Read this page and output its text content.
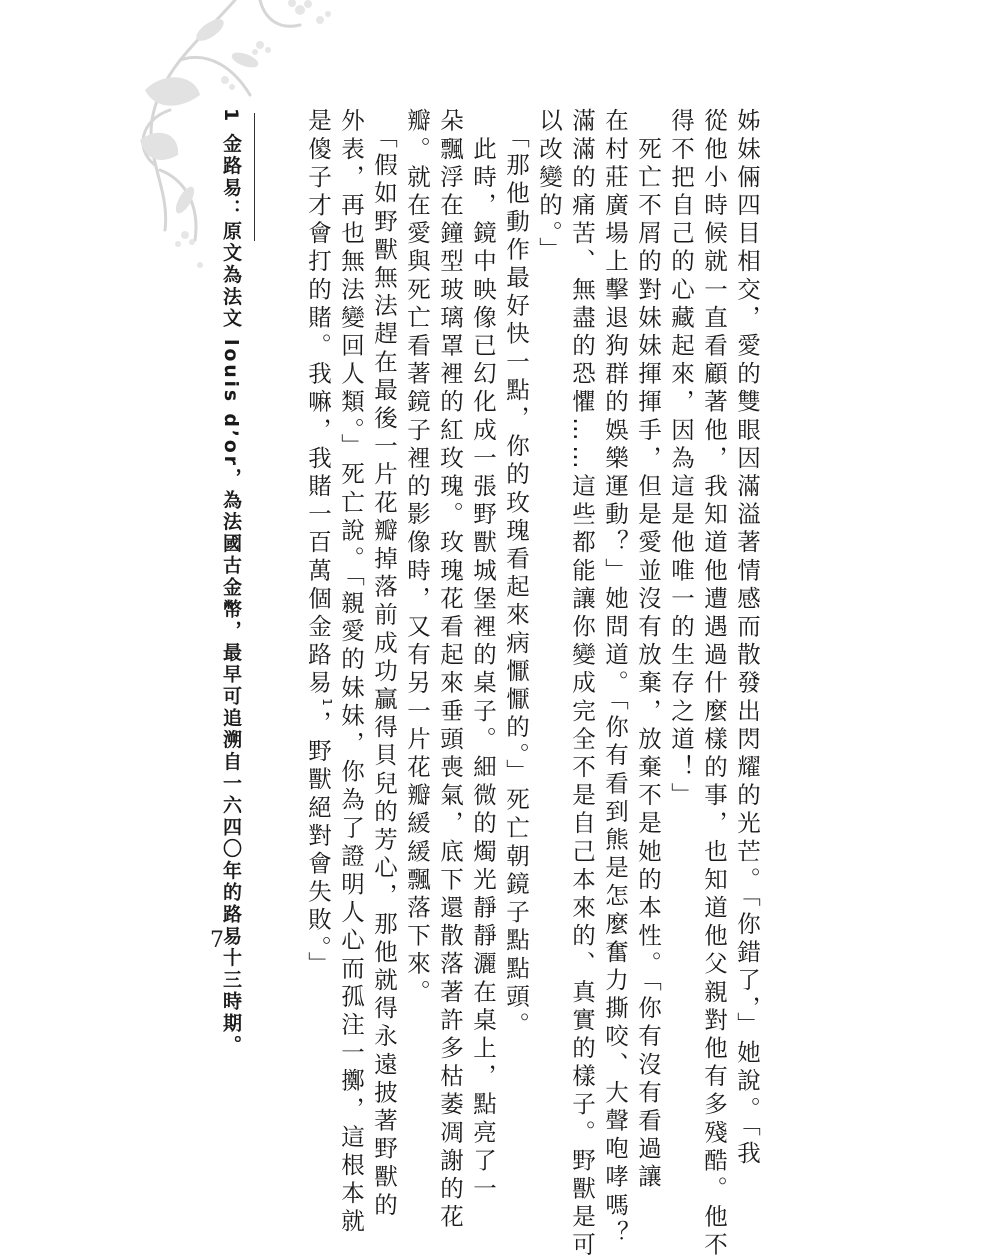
姊妹倆四目相交，愛的雙眼因滿溢著情感而散發出閃耀的光芒。「你錯了，」她說。「我
從他小時候就一直看顧著他，我知道他遭遇過什麼樣的事，也知道他父親對他有多殘酷。他不
得不把自己的心藏起來，因為這是他唯一的生存之道！」
　死亡不屑的對妹妹揮揮手，但是愛並沒有放棄，放棄不是她的本性。「你有沒有看過讓
在村莊廣場上擊退狗群的娛樂運動？」她問道。「你有看到熊是怎麼奮力撕咬、大聲咆哮嗎？
滿滿的痛苦、無盡的恐懼……這些都能讓你變成完全不是自己本來的、真實的樣子。野獸是可
以改變的。」
　「那他動作最好快一點，你的玫瑰看起來病懨懨的。」死亡朝鏡子點點頭。
　此時，鏡中映像已幻化成一張野獸城堡裡的桌子。細微的燭光靜靜灑在桌上，點亮了一
朵飄浮在鐘型玻璃罩裡的紅玫瑰。玫瑰花看起來垂頭喪氣，底下還散落著許多枯萎凋謝的花
瓣。就在愛與死亡看著鏡子裡的影像時，又有另一片花瓣緩緩飄落下來。
　「假如野獸無法趕在最後一片花瓣掉落前成功贏得貝兒的芳心，那他就得永遠披著野獸的
外表，再也無法變回人類。」死亡說。「親愛的妹妹，你為了證明人心而孤注一擲，這根本就
是傻子才會打的賭。我嘛，我賭一百萬個金路易$^1$，野獸絕對會失敗。」
1 金路易：原文為法文 louis d’or，為法國古金幣，最早可追溯自一六四〇年的路易十三時期。
7
